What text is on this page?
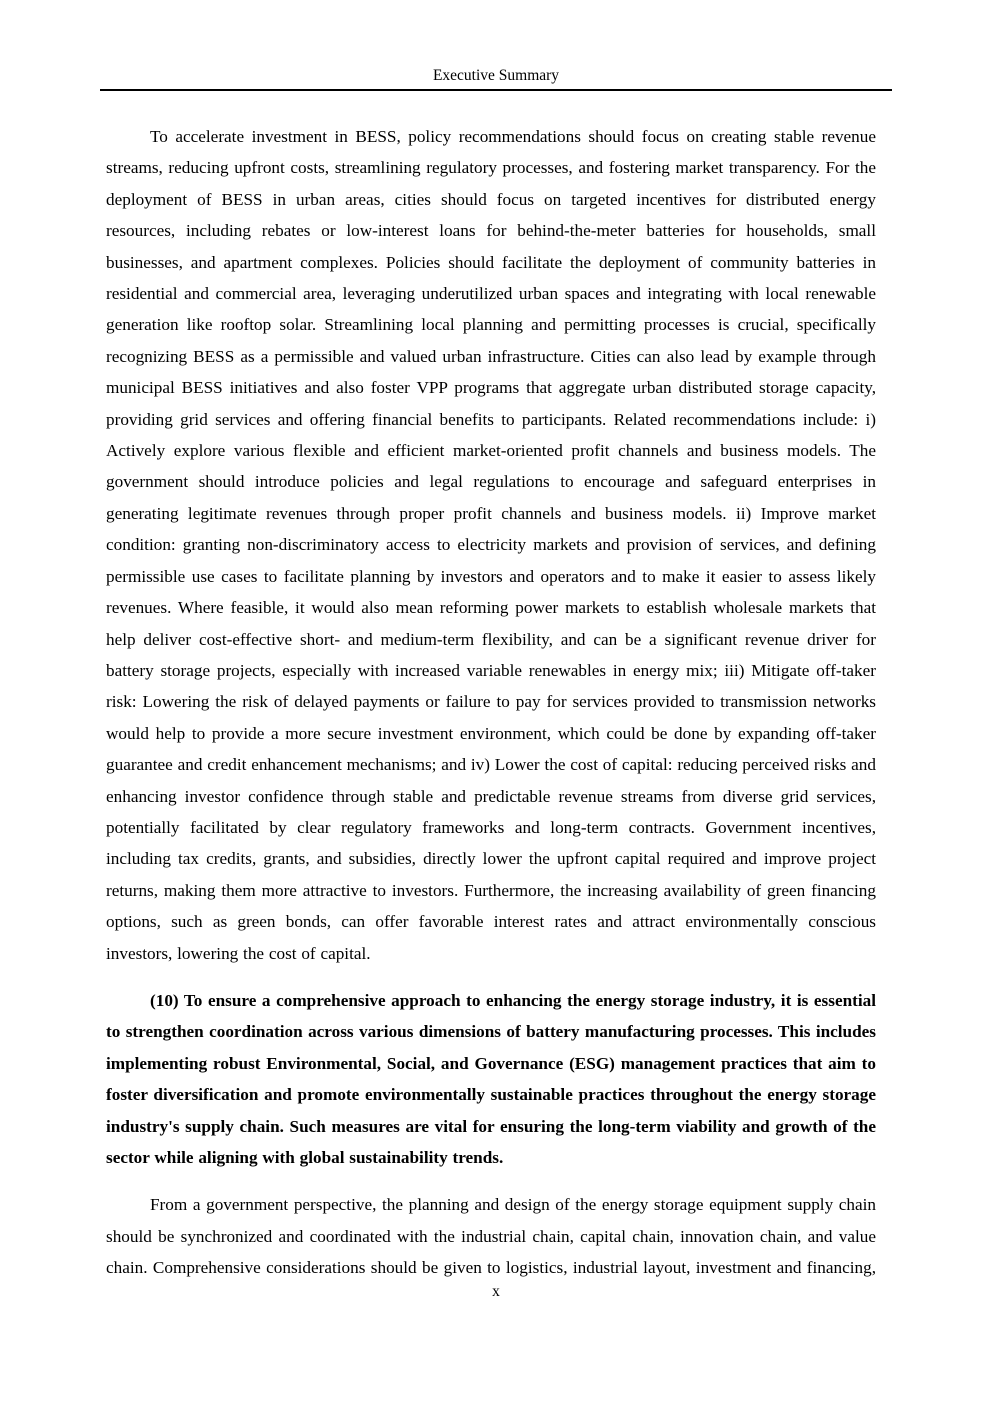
Executive Summary

To accelerate investment in BESS, policy recommendations should focus on creating stable revenue streams, reducing upfront costs, streamlining regulatory processes, and fostering market transparency. For the deployment of BESS in urban areas, cities should focus on targeted incentives for distributed energy resources, including rebates or low-interest loans for behind-the-meter batteries for households, small businesses, and apartment complexes. Policies should facilitate the deployment of community batteries in residential and commercial area, leveraging underutilized urban spaces and integrating with local renewable generation like rooftop solar. Streamlining local planning and permitting processes is crucial, specifically recognizing BESS as a permissible and valued urban infrastructure. Cities can also lead by example through municipal BESS initiatives and also foster VPP programs that aggregate urban distributed storage capacity, providing grid services and offering financial benefits to participants. Related recommendations include: i) Actively explore various flexible and efficient market-oriented profit channels and business models. The government should introduce policies and legal regulations to encourage and safeguard enterprises in generating legitimate revenues through proper profit channels and business models. ii) Improve market condition: granting non-discriminatory access to electricity markets and provision of services, and defining permissible use cases to facilitate planning by investors and operators and to make it easier to assess likely revenues. Where feasible, it would also mean reforming power markets to establish wholesale markets that help deliver cost-effective short- and medium-term flexibility, and can be a significant revenue driver for battery storage projects, especially with increased variable renewables in energy mix; iii) Mitigate off-taker risk: Lowering the risk of delayed payments or failure to pay for services provided to transmission networks would help to provide a more secure investment environment, which could be done by expanding off-taker guarantee and credit enhancement mechanisms; and iv) Lower the cost of capital: reducing perceived risks and enhancing investor confidence through stable and predictable revenue streams from diverse grid services, potentially facilitated by clear regulatory frameworks and long-term contracts. Government incentives, including tax credits, grants, and subsidies, directly lower the upfront capital required and improve project returns, making them more attractive to investors. Furthermore, the increasing availability of green financing options, such as green bonds, can offer favorable interest rates and attract environmentally conscious investors, lowering the cost of capital.

(10) To ensure a comprehensive approach to enhancing the energy storage industry, it is essential to strengthen coordination across various dimensions of battery manufacturing processes. This includes implementing robust Environmental, Social, and Governance (ESG) management practices that aim to foster diversification and promote environmentally sustainable practices throughout the energy storage industry's supply chain. Such measures are vital for ensuring the long-term viability and growth of the sector while aligning with global sustainability trends.

From a government perspective, the planning and design of the energy storage equipment supply chain should be synchronized and coordinated with the industrial chain, capital chain, innovation chain, and value chain. Comprehensive considerations should be given to logistics, industrial layout, investment and financing,

x
